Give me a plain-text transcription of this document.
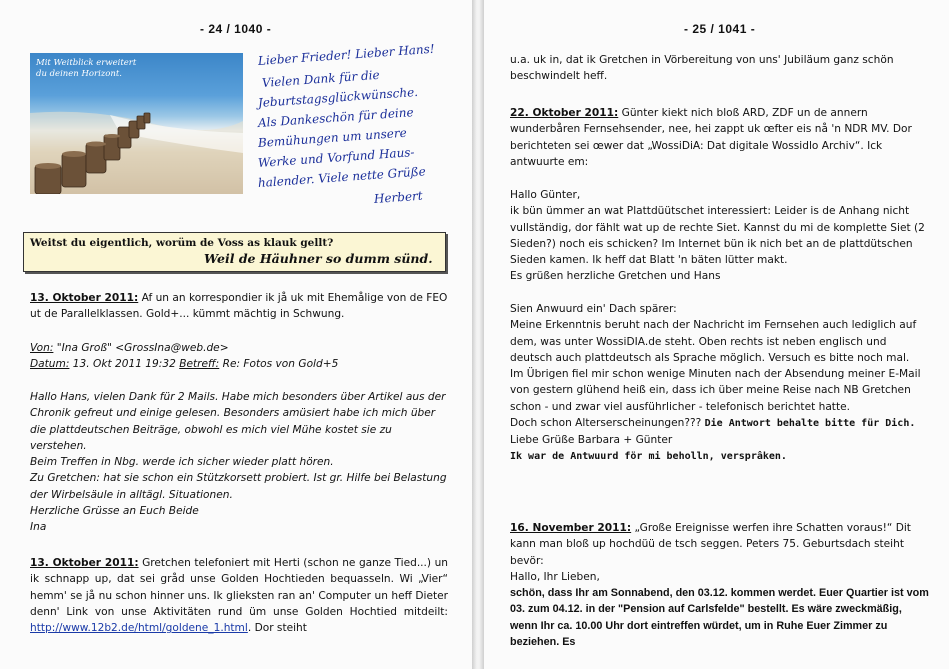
- 24 / 1040 -
Mit Weitblick erweitert
du deinen Horizont.
Lieber Frieder! Lieber Hans!
Vielen Dank für die
Jeburtstagsglückwünsche.
Als Dankeschön für deine
Bemühungen um unsere
Werke und Vorfund Haus-
halender. Viele nette Grüße
Herbert
Weitst du eigentlich, worüm de Voss as klauk gellt?
Weil de Häuhner so dumm sünd.

13. Oktober 2011: Af un an korrespondier ik jå uk mit Ehemålige von de FEO ut de Parallelklassen. Gold+... kümmt mächtig in Schwung.

Von: "Ina Groß" <GrossIna@web.de>

Datum: 13. Okt 2011 19:32 Betreff: Re: Fotos von Gold+5

Hallo Hans, vielen Dank für 2 Mails. Habe mich besonders über Artikel aus der Chronik gefreut und einige gelesen. Besonders amüsiert habe ich mich über die plattdeutschen Beiträge, obwohl es mich viel Mühe kostet sie zu verstehen.

Beim Treffen in Nbg. werde ich sicher wieder platt hören.

Zu Gretchen: hat sie schon ein Stützkorsett probiert. Ist gr. Hilfe bei Belastung der Wirbelsäule in alltägl. Situationen.

Herzliche Grüsse an Euch Beide

Ina

13. Oktober 2011: Gretchen telefoniert mit Herti (schon ne ganze Tied...) un ik schnapp up, dat sei gråd unse Golden Hochtieden bequasseln. Wi „Vier“ hemm' se jå nu schon hinner uns. Ik glieksten ran an' Computer un heff Dieter denn' Link von unse Aktivitäten rund üm unse Golden Hochtied mitdeilt: http://www.12b2.de/html/goldene_1.html. Dor steiht

- 25 / 1041 -
u.a. uk in, dat ik Gretchen in Vörbereitung von uns' Jubiläum ganz schön beschwindelt heff.

22. Oktober 2011: Günter kiekt nich bloß ARD, ZDF un de annern wunderbåren Fernsehsender, nee, hei zappt uk œfter eis nå 'n NDR MV. Dor berichteten sei œwer dat „WossiDiA: Dat digitale Wossidlo Archiv“. Ick antwuurte em:

Hallo Günter,

ik bün ümmer an wat Plattdüütschet interessiert: Leider is de Anhang nicht vullständig, dor fählt wat up de rechte Siet. Kannst du mi de komplette Siet (2 Sieden?) noch eis schicken? Im Internet bün ik nich bet an de plattdütschen Sieden kamen. Ik heff dat Blatt 'n bäten lütter makt.

Es grüßen herzliche Gretchen und Hans

Sien Anwuurd ein' Dach spärer:

Meine Erkenntnis beruht nach der Nachricht im Fernsehen auch lediglich auf dem, was unter WossiDIA.de steht. Oben rechts ist neben englisch und deutsch auch plattdeutsch als Sprache möglich. Versuch es bitte noch mal.

Im Übrigen fiel mir schon wenige Minuten nach der Absendung meiner E-Mail von gestern glühend heiß ein, dass ich über meine Reise nach NB Gretchen schon - und zwar viel ausführlicher - telefonisch berichtet hatte.

Doch schon Alterserscheinungen??? Die Antwort behalte bitte für Dich. Liebe Grüße Barbara + Günter

Ik war de Antwuurd för mi beholln, versprâken.

16. November 2011: „Große Ereignisse werfen ihre Schatten voraus!“ Dit kann man bloß up hochdüü de tsch seggen. Peters 75. Geburtsdach steiht bevör:

Hallo, Ihr Lieben,

schön, dass Ihr am Sonnabend, den 03.12. kommen werdet. Euer Quartier ist vom 03. zum 04.12. in der "Pension auf Carlsfelde" bestellt. Es wäre zweckmäßig, wenn Ihr ca. 10.00 Uhr dort eintreffen würdet, um in Ruhe Euer Zimmer zu beziehen. Es
